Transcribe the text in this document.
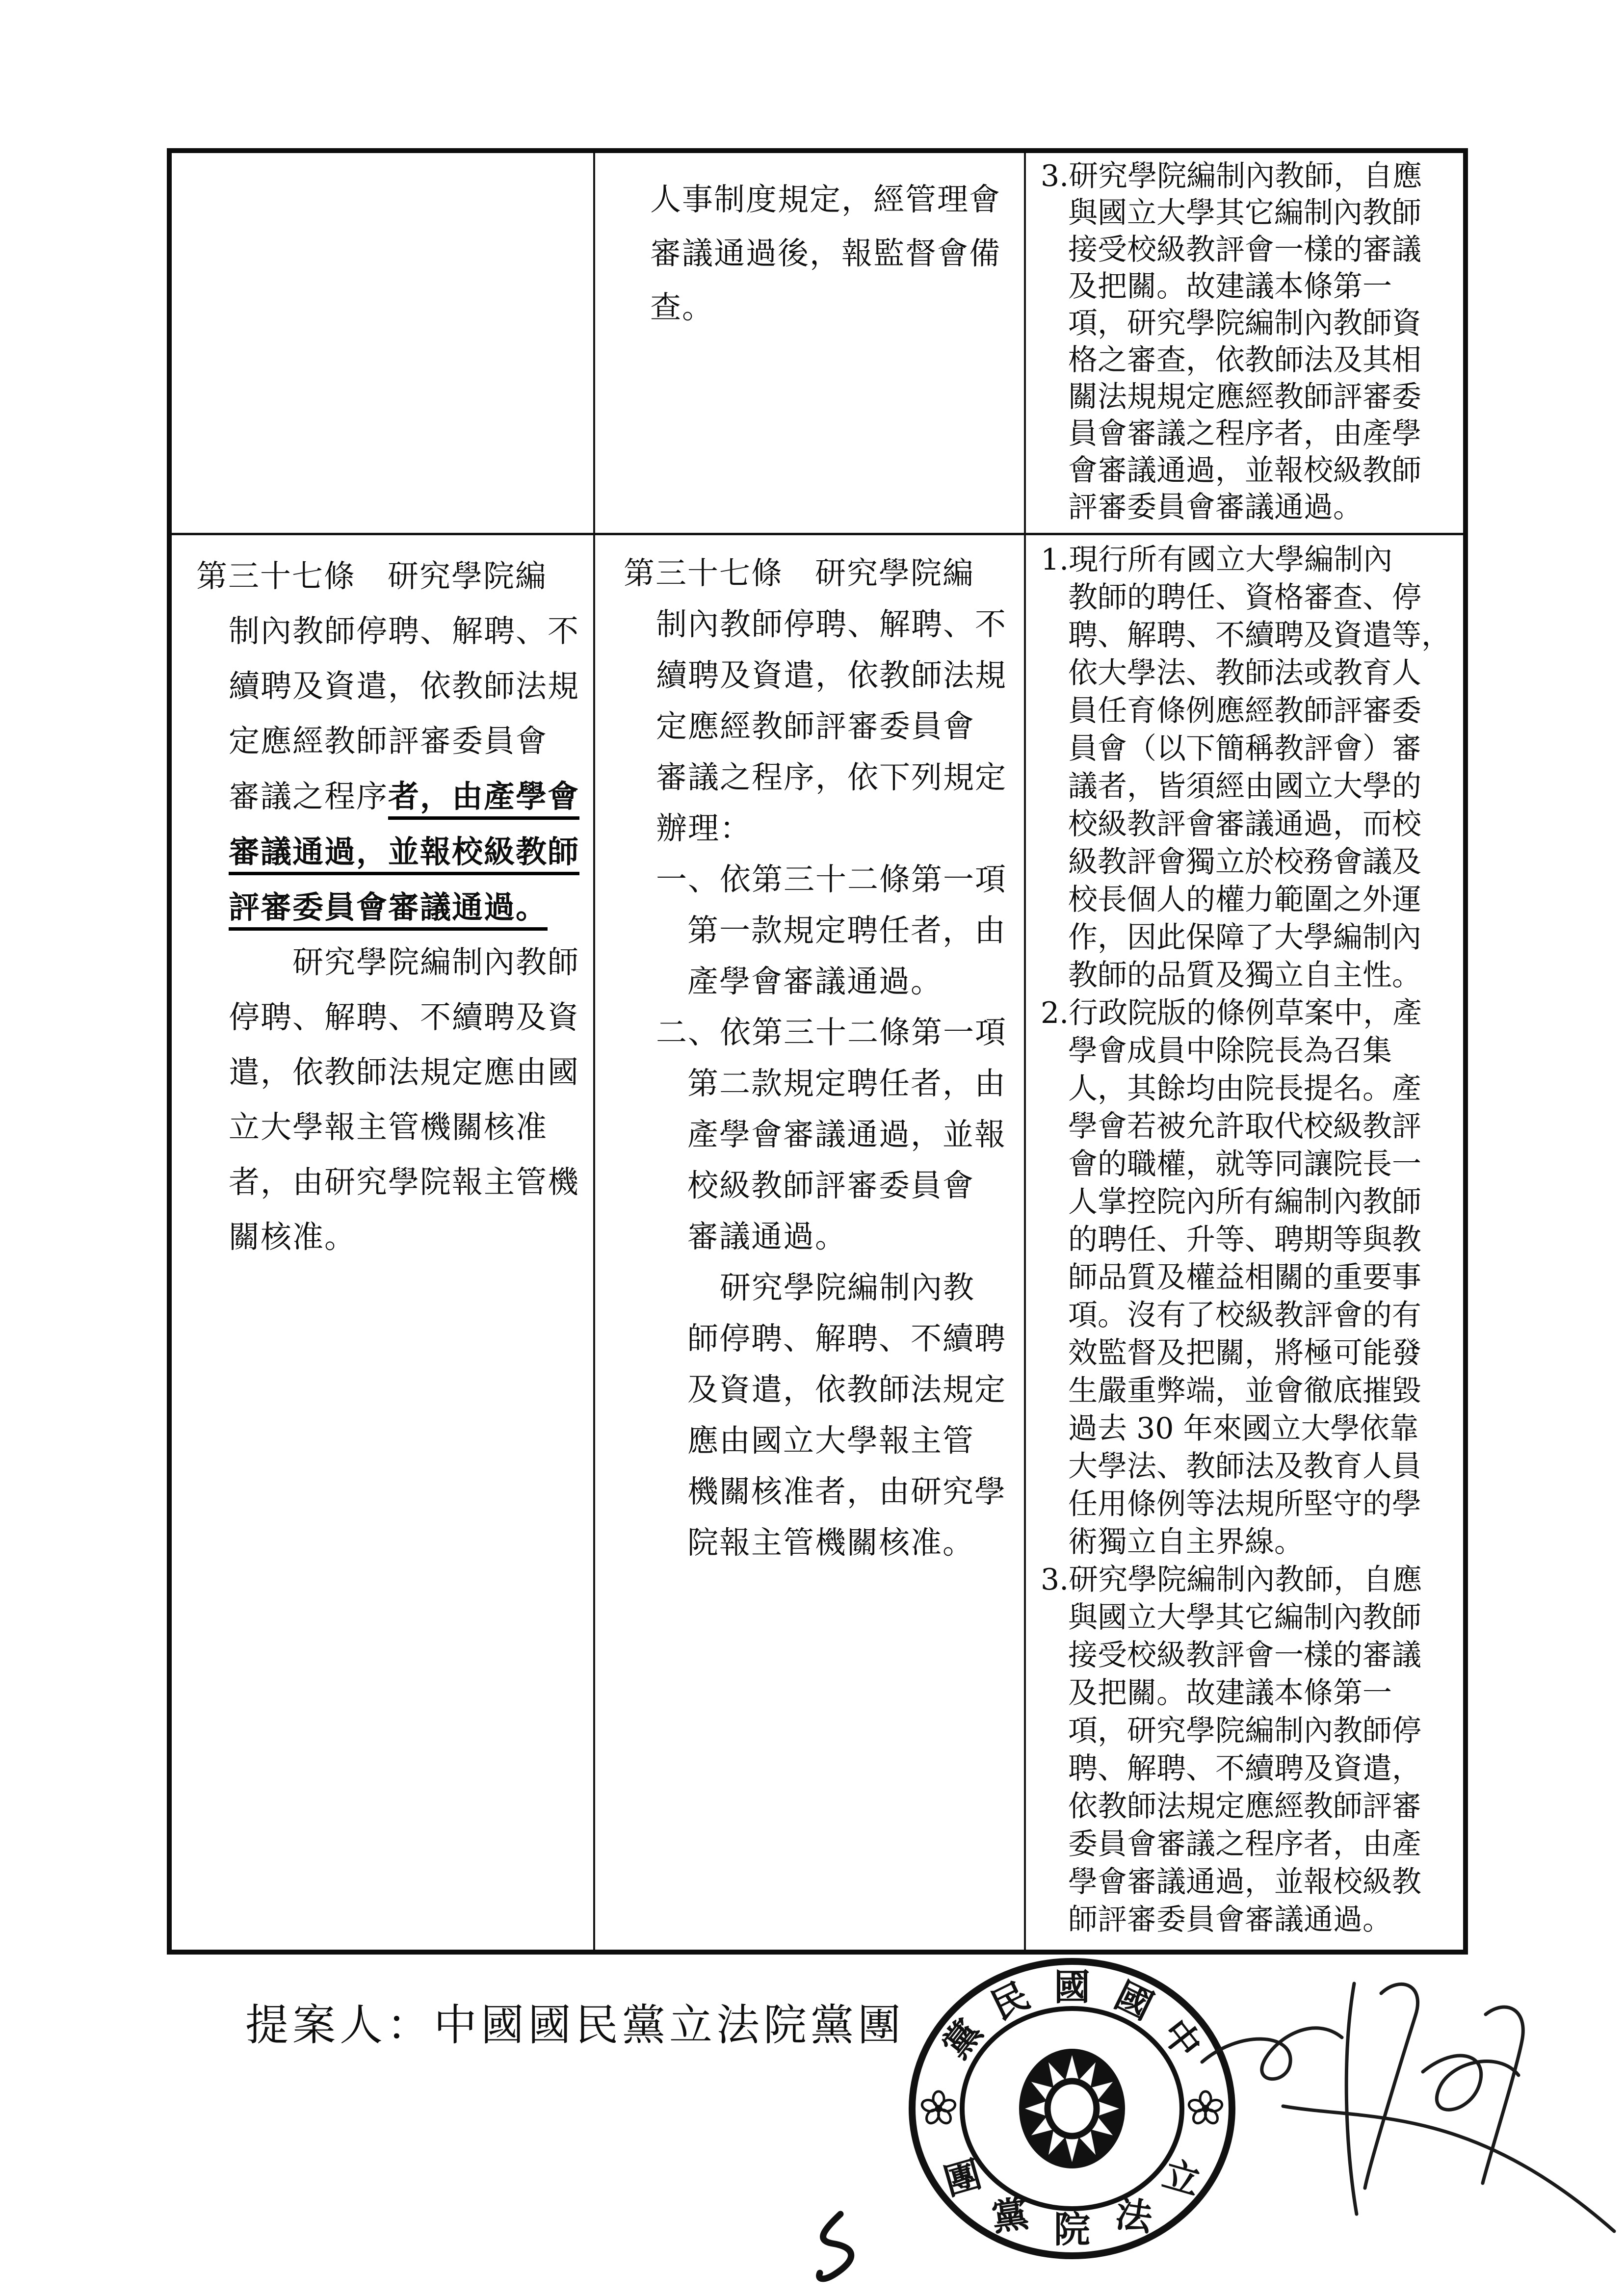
人事制度規定，經管理會
審議通過後，報監督會備
查。
3.研究學院編制內教師，自應
與國立大學其它編制內教師
接受校級教評會一樣的審議
及把關。故建議本條第一
項，研究學院編制內教師資
格之審查，依教師法及其相
關法規規定應經教師評審委
員會審議之程序者，由產學
會審議通過，並報校級教師
評審委員會審議通過。
第三十七條　研究學院編
制內教師停聘、解聘、不
續聘及資遣，依教師法規
定應經教師評審委員會
審議之程序者，由產學會
審議通過，並報校級教師
評審委員會審議通過。
研究學院編制內教師
停聘、解聘、不續聘及資
遣，依教師法規定應由國
立大學報主管機關核准
者，由研究學院報主管機
關核准。
第三十七條　研究學院編
制內教師停聘、解聘、不
續聘及資遣，依教師法規
定應經教師評審委員會
審議之程序，依下列規定
辦理：
一、依第三十二條第一項
第一款規定聘任者，由
產學會審議通過。
二、依第三十二條第一項
第二款規定聘任者，由
產學會審議通過，並報
校級教師評審委員會
審議通過。
研究學院編制內教
師停聘、解聘、不續聘
及資遣，依教師法規定
應由國立大學報主管
機關核准者，由研究學
院報主管機關核准。
1.現行所有國立大學編制內
教師的聘任、資格審查、停
聘、解聘、不續聘及資遣等，
依大學法、教師法或教育人
員任育條例應經教師評審委
員會（以下簡稱教評會）審
議者，皆須經由國立大學的
校級教評會審議通過，而校
級教評會獨立於校務會議及
校長個人的權力範圍之外運
作，因此保障了大學編制內
教師的品質及獨立自主性。
2.行政院版的條例草案中，產
學會成員中除院長為召集
人，其餘均由院長提名。產
學會若被允許取代校級教評
會的職權，就等同讓院長一
人掌控院內所有編制內教師
的聘任、升等、聘期等與教
師品質及權益相關的重要事
項。沒有了校級教評會的有
效監督及把關，將極可能發
生嚴重弊端，並會徹底摧毀
過去 30 年來國立大學依靠
大學法、教師法及教育人員
任用條例等法規所堅守的學
術獨立自主界線。
3.研究學院編制內教師，自應
與國立大學其它編制內教師
接受校級教評會一樣的審議
及把關。故建議本條第一
項，研究學院編制內教師停
聘、解聘、不續聘及資遣，
依教師法規定應經教師評審
委員會審議之程序者，由產
學會審議通過，並報校級教
師評審委員會審議通過。
提案人：中國國民黨立法院黨團 黨
民 國 國
中
團
黨 院 法
立
